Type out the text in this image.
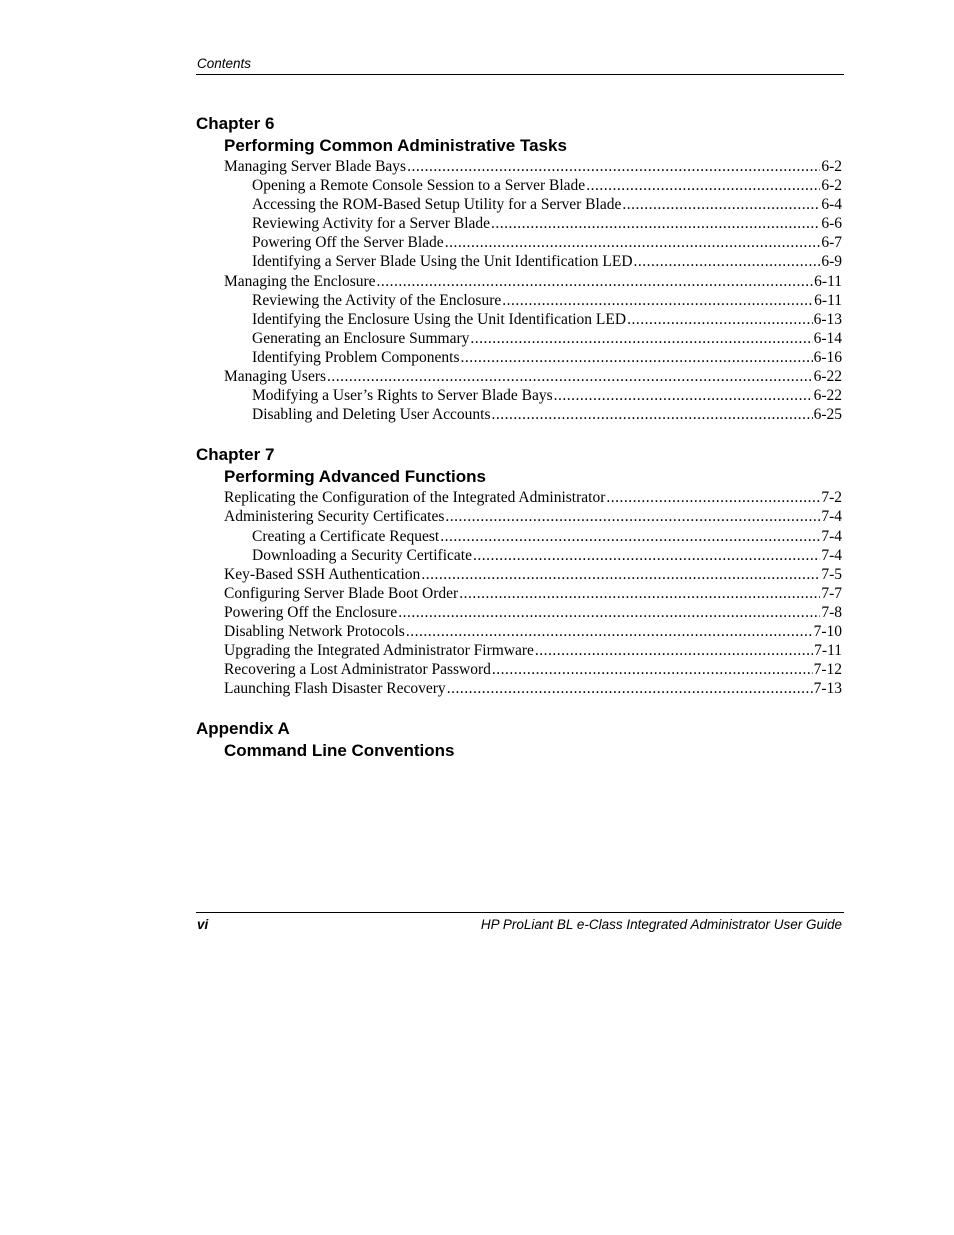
Contents
Chapter 6
Performing Common Administrative Tasks
Managing Server Blade Bays .....	6-2
Opening a Remote Console Session to a Server Blade .....	6-2
Accessing the ROM-Based Setup Utility for a Server Blade .....	6-4
Reviewing Activity for a Server Blade .....	6-6
Powering Off the Server Blade .....	6-7
Identifying a Server Blade Using the Unit Identification LED .....	6-9
Managing the Enclosure .....	6-11
Reviewing the Activity of the Enclosure .....	6-11
Identifying the Enclosure Using the Unit Identification LED .....	6-13
Generating an Enclosure Summary .....	6-14
Identifying Problem Components .....	6-16
Managing Users .....	6-22
Modifying a User’s Rights to Server Blade Bays .....	6-22
Disabling and Deleting User Accounts .....	6-25
Chapter 7
Performing Advanced Functions
Replicating the Configuration of the Integrated Administrator .....	7-2
Administering Security Certificates .....	7-4
Creating a Certificate Request .....	7-4
Downloading a Security Certificate .....	7-4
Key-Based SSH Authentication .....	7-5
Configuring Server Blade Boot Order .....	7-7
Powering Off the Enclosure .....	7-8
Disabling Network Protocols .....	7-10
Upgrading the Integrated Administrator Firmware .....	7-11
Recovering a Lost Administrator Password .....	7-12
Launching Flash Disaster Recovery .....	7-13
Appendix A
Command Line Conventions
vi	HP ProLiant BL e-Class Integrated Administrator User Guide
